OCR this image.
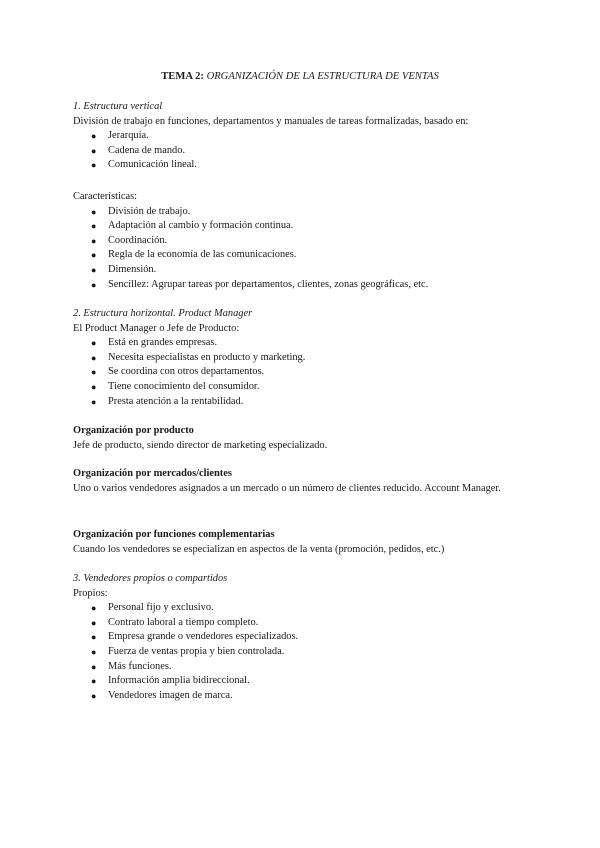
TEMA 2: ORGANIZACIÓN DE LA ESTRUCTURA DE VENTAS
1. Estructura vertical
División de trabajo en funciones, departamentos y manuales de tareas formalizadas, basado en:
● Jerarquía.
● Cadena de mando.
● Comunicación lineal.
Características:
● División de trabajo.
● Adaptación al cambio y formación continua.
● Coordinación.
● Regla de la economía de las comunicaciones.
● Dimensión.
● Sencillez: Agrupar tareas por departamentos, clientes, zonas geográficas, etc.
2. Estructura horizontal. Product Manager
El Product Manager o Jefe de Producto:
● Está en grandes empresas.
● Necesita especialistas en producto y marketing.
● Se coordina con otros departamentos.
● Tiene conocimiento del consumidor.
● Presta atención a la rentabilidad.
Organización por producto
Jefe de producto, siendo director de marketing especializado.
Organización por mercados/clientes
Uno o varios vendedores asignados a un mercado o un número de clientes reducido. Account Manager.
Organización por funciones complementarias
Cuando los vendedores se especializan en aspectos de la venta (promoción, pedidos, etc.)
3. Vendedores propios o compartidos
Propios:
● Personal fijo y exclusivo.
● Contrato laboral a tiempo completo.
● Empresa grande o vendedores especializados.
● Fuerza de ventas propia y bien controlada.
● Más funciones.
● Información amplia bidireccional.
● Vendedores imagen de marca.
